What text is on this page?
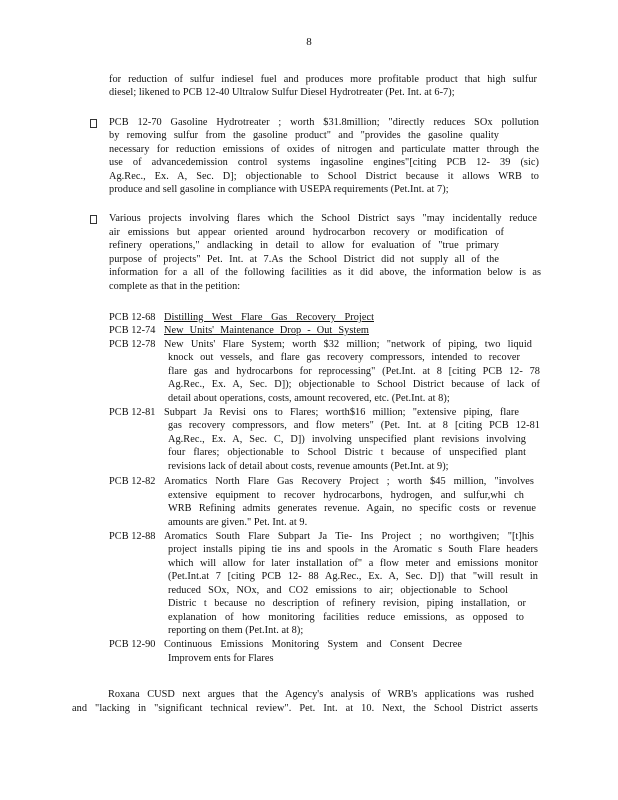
8
for reduction of sulfur indiesel fuel and produces more profitable product that high sulfur
diesel; likened to PCB 12-40 Ultralow Sulfur Diesel Hydrotreater (Pet. Int. at 6-7);
PCB 12-70 Gasoline Hydrotreater ; worth $31.8million; "directly reduces SOx pollution
by removing sulfur from the gasoline product" and "provides the gasoline quality
necessary for reduction emissions of oxides of nitrogen and particulate matter through the
use of advancedemission control systems ingasoline engines"[citing PCB 12- 39 (sic)
Ag.Rec., Ex. A, Sec. D]; objectionable to School District because it allows WRB to
produce and sell gasoline in compliance with USEPA requirements (Pet.Int. at 7);
Various projects involving flares which the School District says "may incidentally reduce
air emissions but appear oriented around hydrocarbon recovery or modification of
refinery operations," andlacking in detail to allow for evaluation of "true primary
purpose of projects" Pet. Int. at 7.As the School District did not supply all of the
information for a all of the following facilities as it did above, the information below is as
complete as that in the petition:
PCB 12-68 Distilling West Flare Gas Recovery Project
PCB 12-74 New Units' Maintenance Drop - Out System
PCB 12-78 New Units' Flare System; worth $32 million; "network of piping, two liquid
knock out vessels, and flare gas recovery compressors, intended to recover
flare gas and hydrocarbons for reprocessing" (Pet.Int. at 8 [citing PCB 12- 78
Ag.Rec., Ex. A, Sec. D]); objectionable to School District because of lack of
detail about operations, costs, amount recovered, etc. (Pet.Int. at 8);
PCB 12-81 Subpart Ja Revisi ons to Flares; worth$16 million; "extensive piping, flare
gas recovery compressors, and flow meters" (Pet. Int. at 8 [citing PCB 12-81
Ag.Rec., Ex. A, Sec. C, D]) involving unspecified plant revisions involving
four flares; objectionable to School Distric t because of unspecified plant
revisions lack of detail about costs, revenue amounts (Pet.Int. at 9);
PCB 12-82 Aromatics North Flare Gas Recovery Project ; worth $45 million, "involves
extensive equipment to recover hydrocarbons, hydrogen, and sulfur,whi ch
WRB Refining admits generates revenue. Again, no specific costs or revenue
amounts are given." Pet. Int. at 9.
PCB 12-88 Aromatics South Flare Subpart Ja Tie- Ins Project ; no worthgiven; "[t]his
project installs piping tie ins and spools in the Aromatic s South Flare headers
which will allow for later installation of" a flow meter and emissions monitor
(Pet.Int.at 7 [citing PCB 12- 88 Ag.Rec., Ex. A, Sec. D]) that "will result in
reduced SOx, NOx, and CO2 emissions to air; objectionable to School
Distric t because no description of refinery revision, piping installation, or
explanation of how monitoring facilities reduce emissions, as opposed to
reporting on them (Pet.Int. at 8);
PCB 12-90 Continuous Emissions Monitoring System and Consent Decree
Improvem ents for Flares
Roxana CUSD next argues that the Agency's analysis of WRB's applications was rushed
and "lacking in "significant technical review". Pet. Int. at 10. Next, the School District asserts
